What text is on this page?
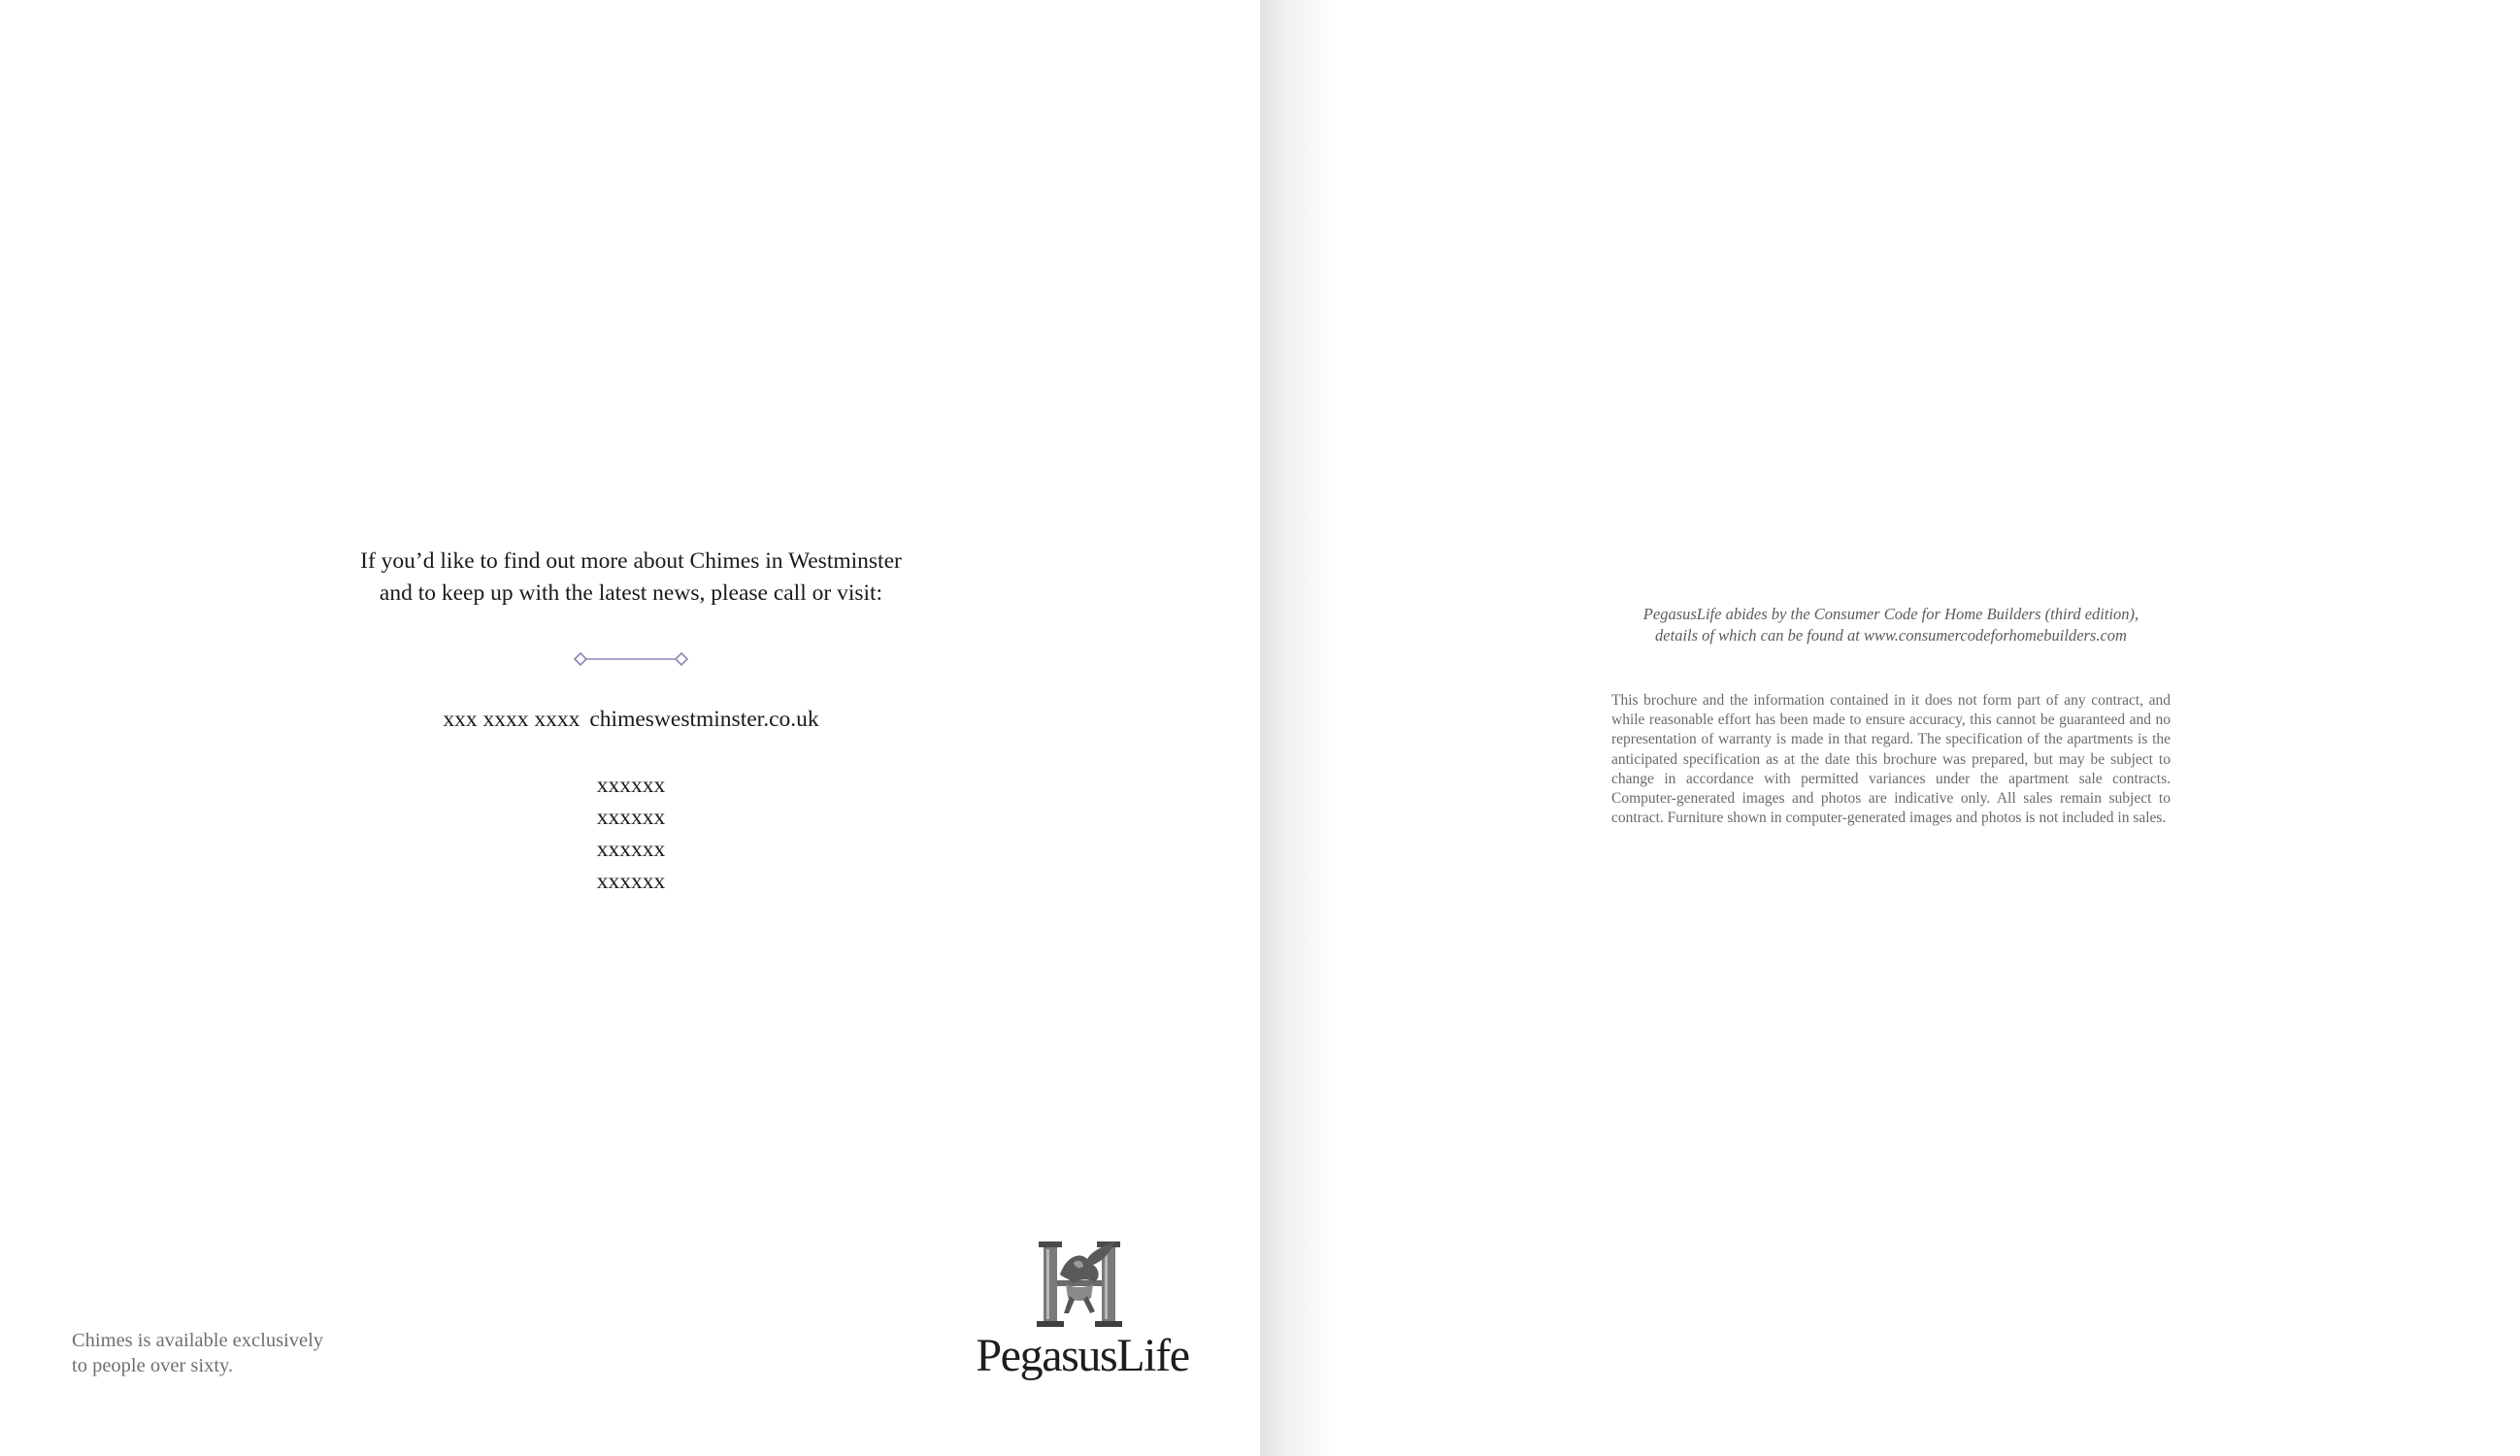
If you’d like to find out more about Chimes in Westminster

and to keep up with the latest news, please call or visit:

xxx xxxx xxxx chimeswestminster.co.uk
xxxxxx
xxxxxx
xxxxxx
xxxxxx
Chimes is available exclusively
to people over sixty.	PegasusLife
PegasusLife abides by the Consumer Code for Home Builders (third edition),
details of which can be found at www.consumercodeforhomebuilders.com
This brochure and the information contained in it does not form part of any contract, and while reasonable effort has been made to ensure accuracy, this cannot be guaranteed and no representation of warranty is made in that regard. The specification of the apartments is the anticipated specification as at the date this brochure was prepared, but may be subject to change in accordance with permitted variances under the apartment sale contracts. Computer-generated images and photos are indicative only. All sales remain subject to contract. Furniture shown in computer-generated images and photos is not included in sales.
